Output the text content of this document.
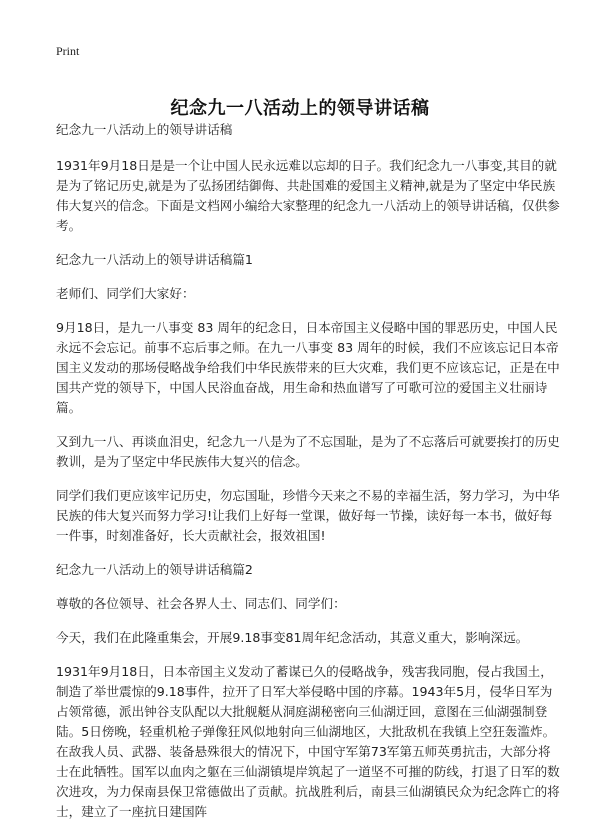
Print
纪念九一八活动上的领导讲话稿

纪念九一八活动上的领导讲话稿

1931年9月18日是是一个让中国人民永远难以忘却的日子。我们纪念九一八事变,其目的就是为了铭记历史,就是为了弘扬团结御侮、共赴国难的爱国主义精神,就是为了坚定中华民族伟大复兴的信念。下面是文档网小编给大家整理的纪念九一八活动上的领导讲话稿，仅供参考。

纪念九一八活动上的领导讲话稿篇1

老师们、同学们大家好：

9月18日，是九一八事变 83 周年的纪念日，日本帝国主义侵略中国的罪恶历史，中国人民永远不会忘记。前事不忘后事之师。在九一八事变 83 周年的时候，我们不应该忘记日本帝国主义发动的那场侵略战争给我们中华民族带来的巨大灾难，我们更不应该忘记，正是在中国共产党的领导下，中国人民浴血奋战，用生命和热血谱写了可歌可泣的爱国主义壮丽诗篇。

又到九一八、再谈血泪史，纪念九一八是为了不忘国耻，是为了不忘落后可就要挨打的历史教训，是为了坚定中华民族伟大复兴的信念。

同学们我们更应该牢记历史，勿忘国耻，珍惜今天来之不易的幸福生活，努力学习，为中华民族的伟大复兴而努力学习!让我们上好每一堂课，做好每一节操，读好每一本书，做好每一件事，时刻准备好，长大贡献社会，报效祖国!

纪念九一八活动上的领导讲话稿篇2

尊敬的各位领导、社会各界人士、同志们、同学们：

今天，我们在此隆重集会，开展9.18事变81周年纪念活动，其意义重大，影响深远。

1931年9月18日，日本帝国主义发动了蓄谋已久的侵略战争，残害我同胞，侵占我国土，制造了举世震惊的9.18事件，拉开了日军大举侵略中国的序幕。1943年5月，侵华日军为占领常德，派出钟谷支队配以大批舰艇从洞庭湖秘密向三仙湖迂回，意图在三仙湖强制登陆。5日傍晚，轻重机枪子弹像狂风似地射向三仙湖地区，大批敌机在我镇上空狂轰滥炸。在敌我人员、武器、装备悬殊很大的情况下，中国守军第73军第五师英勇抗击，大部分将士在此牺牲。国军以血肉之躯在三仙湖镇堤岸筑起了一道坚不可摧的防线，打退了日军的数次进攻，为力保南县保卫常德做出了贡献。抗战胜利后，南县三仙湖镇民众为纪念阵亡的将士，建立了一座抗日建国阵
